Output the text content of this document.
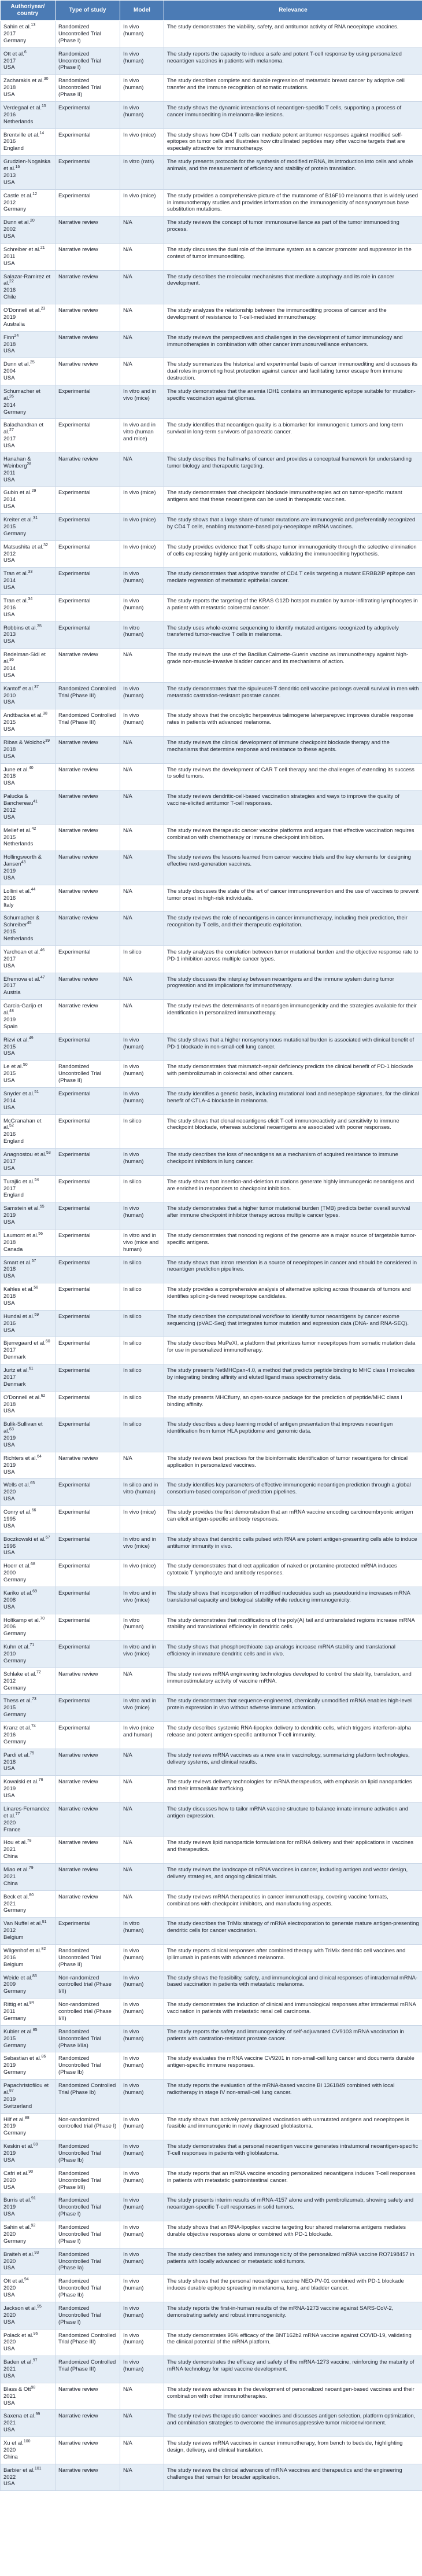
Author/year/ country	Type of study	Model	Relevance
Sahin et al.$^{13}$
2017
Germany	Randomized Uncontrolled Trial (Phase I)	In vivo (human)	The study demonstrates the viability, safety, and antitumor activity of RNA neoepitope vaccines.
Ott et al.$^6$
2017
USA	Randomized Uncontrolled Trial (Phase I)	In vivo (human)	The study reports the capacity to induce a safe and potent T-cell response by using personalized neoantigen vaccines in patients with melanoma.
Zacharakis et al.$^{30}$
2018
USA	Randomized Uncontrolled Trial (Phase II)	In vivo (human)	The study describes complete and durable regression of metastatic breast cancer by adoptive cell transfer and the immune recognition of somatic mutations.
Verdegaal et al.$^{15}$
2016
Netherlands	Experimental	In vivo (human)	The study shows the dynamic interactions of neoantigen-specific T cells, supporting a process of cancer immunoediting in melanoma-like lesions.
Brentville et al.$^{14}$
2016
England	Experimental	In vivo (mice)	The study shows how CD4 T cells can mediate potent antitumor responses against modified self-epitopes on tumor cells and illustrates how citrullinated peptides may offer vaccine targets that are especially attractive for immunotherapy.
Grudzien-Nogalska et al.$^{16}$
2013
USA	Experimental	In vitro (rats)	The study presents protocols for the synthesis of modified mRNA, its introduction into cells and whole animals, and the measurement of efficiency and stability of protein translation.
Castle et al.$^{12}$
2012
Germany	Experimental	In vivo (mice)	The study provides a comprehensive picture of the mutanome of B16F10 melanoma that is widely used in immunotherapy studies and provides information on the immunogenicity of nonsynonymous base substitution mutations.
Dunn et al.$^{20}$
2002
USA	Narrative review	N/A	The study reviews the concept of tumor immunosurveillance as part of the tumor immunoediting process.
Schreiber et al.$^{21}$
2011
USA	Narrative review	N/A	The study discusses the dual role of the immune system as a cancer promoter and suppressor in the context of tumor immunoediting.
Salazar-Ramirez et al.$^{22}$
2016
Chile	Narrative review	N/A	The study describes the molecular mechanisms that mediate autophagy and its role in cancer development.
O'Donnell et al.$^{23}$
2019
Australia	Narrative review	N/A	The study analyzes the relationship between the immunoediting process of cancer and the development of resistance to T-cell-mediated immunotherapy.
Finn$^{24}$
2018
USA	Narrative review	N/A	The study reviews the perspectives and challenges in the development of tumor immunology and immunotherapies in combination with other cancer immunosurveillance enhancers.
Dunn et al.$^{25}$
2004
USA	Narrative review	N/A	The study summarizes the historical and experimental basis of cancer immunoediting and discusses its dual roles in promoting host protection against cancer and facilitating tumor escape from immune destruction.
Schumacher et al.$^{26}$
2014
Germany	Experimental	In vitro and in vivo (mice)	The study demonstrates that the anemia IDH1 contains an immunogenic epitope suitable for mutation-specific vaccination against gliomas.
Balachandran et al.$^{27}$
2017
USA	Experimental	In vivo and in vitro (human and mice)	The study identifies that neoantigen quality is a biomarker for immunogenic tumors and long-term survival in long-term survivors of pancreatic cancer.
Hanahan & Weinberg$^{28}$
2011
USA	Narrative review	N/A	The study describes the hallmarks of cancer and provides a conceptual framework for understanding tumor biology and therapeutic targeting.
Gubin et al.$^{29}$
2014
USA	Experimental	In vivo (mice)	The study demonstrates that checkpoint blockade immunotherapies act on tumor-specific mutant antigens and that these neoantigens can be used in therapeutic vaccines.
Kreiter et al.$^{31}$
2015
Germany	Experimental	In vivo (mice)	The study shows that a large share of tumor mutations are immunogenic and preferentially recognized by CD4 T cells, enabling mutanome-based poly-neoepitope mRNA vaccines.
Matsushita et al.$^{32}$
2012
USA	Experimental	In vivo (mice)	The study provides evidence that T cells shape tumor immunogenicity through the selective elimination of cells expressing highly antigenic mutations, validating the immunoediting hypothesis.
Tran et al.$^{33}$
2014
USA	Experimental	In vivo (human)	The study demonstrates that adoptive transfer of CD4 T cells targeting a mutant ERBB2IP epitope can mediate regression of metastatic epithelial cancer.
Tran et al.$^{34}$
2016
USA	Experimental	In vivo (human)	The study reports the targeting of the KRAS G12D hotspot mutation by tumor-infiltrating lymphocytes in a patient with metastatic colorectal cancer.
Robbins et al.$^{35}$
2013
USA	Experimental	In vitro (human)	The study uses whole-exome sequencing to identify mutated antigens recognized by adoptively transferred tumor-reactive T cells in melanoma.
Redelman-Sidi et al.$^{36}$
2014
USA	Narrative review	N/A	The study reviews the use of the Bacillus Calmette-Guerin vaccine as immunotherapy against high-grade non-muscle-invasive bladder cancer and its mechanisms of action.
Kantoff et al.$^{37}$
2010
USA	Randomized Controlled Trial (Phase III)	In vivo (human)	The study demonstrates that the sipuleucel-T dendritic cell vaccine prolongs overall survival in men with metastatic castration-resistant prostate cancer.
Andtbacka et al.$^{38}$
2015
USA	Randomized Controlled Trial (Phase III)	In vivo (human)	The study shows that the oncolytic herpesvirus talimogene laherparepvec improves durable response rates in patients with advanced melanoma.
Ribas & Wolchok$^{39}$
2018
USA	Narrative review	N/A	The study reviews the clinical development of immune checkpoint blockade therapy and the mechanisms that determine response and resistance to these agents.
June et al.$^{40}$
2018
USA	Narrative review	N/A	The study reviews the development of CAR T cell therapy and the challenges of extending its success to solid tumors.
Palucka & Banchereau$^{41}$
2012
USA	Narrative review	N/A	The study reviews dendritic-cell-based vaccination strategies and ways to improve the quality of vaccine-elicited antitumor T-cell responses.
Melief et al.$^{42}$
2015
Netherlands	Narrative review	N/A	The study reviews therapeutic cancer vaccine platforms and argues that effective vaccination requires combination with chemotherapy or immune checkpoint inhibition.
Hollingsworth & Jansen$^{43}$
2019
USA	Narrative review	N/A	The study reviews the lessons learned from cancer vaccine trials and the key elements for designing effective next-generation vaccines.
Lollini et al.$^{44}$
2016
Italy	Narrative review	N/A	The study discusses the state of the art of cancer immunoprevention and the use of vaccines to prevent tumor onset in high-risk individuals.
Schumacher & Schreiber$^{45}$
2015
Netherlands	Narrative review	N/A	The study reviews the role of neoantigens in cancer immunotherapy, including their prediction, their recognition by T cells, and their therapeutic exploitation.
Yarchoan et al.$^{46}$
2017
USA	Experimental	In silico	The study analyzes the correlation between tumor mutational burden and the objective response rate to PD-1 inhibition across multiple cancer types.
Efremova et al.$^{47}$
2017
Austria	Narrative review	N/A	The study discusses the interplay between neoantigens and the immune system during tumor progression and its implications for immunotherapy.
Garcia-Garijo et al.$^{48}$
2019
Spain	Narrative review	N/A	The study reviews the determinants of neoantigen immunogenicity and the strategies available for their identification in personalized immunotherapy.
Rizvi et al.$^{49}$
2015
USA	Experimental	In vivo (human)	The study shows that a higher nonsynonymous mutational burden is associated with clinical benefit of PD-1 blockade in non-small-cell lung cancer.
Le et al.$^{50}$
2015
USA	Randomized Uncontrolled Trial (Phase II)	In vivo (human)	The study demonstrates that mismatch-repair deficiency predicts the clinical benefit of PD-1 blockade with pembrolizumab in colorectal and other cancers.
Snyder et al.$^{51}$
2014
USA	Experimental	In vivo (human)	The study identifies a genetic basis, including mutational load and neoepitope signatures, for the clinical benefit of CTLA-4 blockade in melanoma.
McGranahan et al.$^{52}$
2016
England	Experimental	In silico	The study shows that clonal neoantigens elicit T-cell immunoreactivity and sensitivity to immune checkpoint blockade, whereas subclonal neoantigens are associated with poorer responses.
Anagnostou et al.$^{53}$
2017
USA	Experimental	In vivo (human)	The study describes the loss of neoantigens as a mechanism of acquired resistance to immune checkpoint inhibitors in lung cancer.
Turajlic et al.$^{54}$
2017
England	Experimental	In silico	The study shows that insertion-and-deletion mutations generate highly immunogenic neoantigens and are enriched in responders to checkpoint inhibition.
Samstein et al.$^{55}$
2019
USA	Experimental	In vivo (human)	The study demonstrates that a higher tumor mutational burden (TMB) predicts better overall survival after immune checkpoint inhibitor therapy across multiple cancer types.
Laumont et al.$^{56}$
2018
Canada	Experimental	In vitro and in vivo (mice and human)	The study demonstrates that noncoding regions of the genome are a major source of targetable tumor-specific antigens.
Smart et al.$^{57}$
2018
USA	Experimental	In silico	The study shows that intron retention is a source of neoepitopes in cancer and should be considered in neoantigen prediction pipelines.
Kahles et al.$^{58}$
2018
USA	Experimental	In silico	The study provides a comprehensive analysis of alternative splicing across thousands of tumors and identifies splicing-derived neoepitope candidates.
Hundal et al.$^{59}$
2016
USA	Experimental	In silico	The study describes the computational workflow to identify tumor neoantigens by cancer exome sequencing (pVAC-Seq) that integrates tumor mutation and expression data (DNA- and RNA-SEQ).
Bjerregaard et al.$^{60}$
2017
Denmark	Experimental	In silico	The study describes MuPeXI, a platform that prioritizes tumor neoepitopes from somatic mutation data for use in personalized immunotherapy.
Jurtz et al.$^{61}$
2017
Denmark	Experimental	In silico	The study presents NetMHCpan-4.0, a method that predicts peptide binding to MHC class I molecules by integrating binding affinity and eluted ligand mass spectrometry data.
O'Donnell et al.$^{62}$
2018
USA	Experimental	In silico	The study presents MHCflurry, an open-source package for the prediction of peptide/MHC class I binding affinity.
Bulik-Sullivan et al.$^{63}$
2019
USA	Experimental	In silico	The study describes a deep learning model of antigen presentation that improves neoantigen identification from tumor HLA peptidome and genomic data.
Richters et al.$^{64}$
2019
USA	Narrative review	N/A	The study reviews best practices for the bioinformatic identification of tumor neoantigens for clinical application in personalized vaccines.
Wells et al.$^{65}$
2020
USA	Experimental	In silico and in vitro (human)	The study identifies key parameters of effective immunogenic neoantigen prediction through a global consortium-based comparison of prediction pipelines.
Conry et al.$^{66}$
1995
USA	Experimental	In vivo (mice)	The study provides the first demonstration that an mRNA vaccine encoding carcinoembryonic antigen can elicit antigen-specific antibody responses.
Boczkowski et al.$^{67}$
1996
USA	Experimental	In vitro and in vivo (mice)	The study shows that dendritic cells pulsed with RNA are potent antigen-presenting cells able to induce antitumor immunity in vivo.
Hoerr et al.$^{68}$
2000
Germany	Experimental	In vivo (mice)	The study demonstrates that direct application of naked or protamine-protected mRNA induces cytotoxic T lymphocyte and antibody responses.
Kariko et al.$^{69}$
2008
USA	Experimental	In vitro and in vivo (mice)	The study shows that incorporation of modified nucleosides such as pseudouridine increases mRNA translational capacity and biological stability while reducing immunogenicity.
Holtkamp et al.$^{70}$
2006
Germany	Experimental	In vitro (human)	The study demonstrates that modifications of the poly(A) tail and untranslated regions increase mRNA stability and translational efficiency in dendritic cells.
Kuhn et al.$^{71}$
2010
Germany	Experimental	In vitro and in vivo (mice)	The study shows that phosphorothioate cap analogs increase mRNA stability and translational efficiency in immature dendritic cells and in vivo.
Schlake et al.$^{72}$
2012
Germany	Narrative review	N/A	The study reviews mRNA engineering technologies developed to control the stability, translation, and immunostimulatory activity of vaccine mRNA.
Thess et al.$^{73}$
2015
Germany	Experimental	In vitro and in vivo (mice)	The study demonstrates that sequence-engineered, chemically unmodified mRNA enables high-level protein expression in vivo without adverse immune activation.
Kranz et al.$^{74}$
2016
Germany	Experimental	In vivo (mice and human)	The study describes systemic RNA-lipoplex delivery to dendritic cells, which triggers interferon-alpha release and potent antigen-specific antitumor T-cell immunity.
Pardi et al.$^{75}$
2018
USA	Narrative review	N/A	The study reviews mRNA vaccines as a new era in vaccinology, summarizing platform technologies, delivery systems, and clinical results.
Kowalski et al.$^{76}$
2019
USA	Narrative review	N/A	The study reviews delivery technologies for mRNA therapeutics, with emphasis on lipid nanoparticles and their intracellular trafficking.
Linares-Fernandez et al.$^{77}$
2020
France	Narrative review	N/A	The study discusses how to tailor mRNA vaccine structure to balance innate immune activation and antigen expression.
Hou et al.$^{78}$
2021
China	Narrative review	N/A	The study reviews lipid nanoparticle formulations for mRNA delivery and their applications in vaccines and therapeutics.
Miao et al.$^{79}$
2021
China	Narrative review	N/A	The study reviews the landscape of mRNA vaccines in cancer, including antigen and vector design, delivery strategies, and ongoing clinical trials.
Beck et al.$^{80}$
2021
Germany	Narrative review	N/A	The study reviews mRNA therapeutics in cancer immunotherapy, covering vaccine formats, combinations with checkpoint inhibitors, and manufacturing aspects.
Van Nuffel et al.$^{81}$
2012
Belgium	Experimental	In vitro (human)	The study describes the TriMix strategy of mRNA electroporation to generate mature antigen-presenting dendritic cells for cancer vaccination.
Wilgenhof et al.$^{82}$
2016
Belgium	Randomized Uncontrolled Trial (Phase II)	In vivo (human)	The study reports clinical responses after combined therapy with TriMix dendritic cell vaccines and ipilimumab in patients with advanced melanoma.
Weide et al.$^{83}$
2009
Germany	Non-randomized controlled trial (Phase I/II)	In vivo (human)	The study shows the feasibility, safety, and immunological and clinical responses of intradermal mRNA-based vaccination in patients with metastatic melanoma.
Rittig et al.$^{84}$
2011
Germany	Non-randomized controlled trial (Phase I/II)	In vivo (human)	The study demonstrates the induction of clinical and immunological responses after intradermal mRNA vaccination in patients with metastatic renal cell carcinoma.
Kubler et al.$^{85}$
2015
Germany	Randomized Uncontrolled Trial (Phase I/IIa)	In vivo (human)	The study reports the safety and immunogenicity of self-adjuvanted CV9103 mRNA vaccination in patients with castration-resistant prostate cancer.
Sebastian et al.$^{86}$
2019
Germany	Randomized Uncontrolled Trial (Phase Ib)	In vivo (human)	The study evaluates the mRNA vaccine CV9201 in non-small-cell lung cancer and documents durable antigen-specific immune responses.
Papachristofilou et al.$^{87}$
2019
Switzerland	Randomized Controlled Trial (Phase Ib)	In vivo (human)	The study reports the evaluation of the mRNA-based vaccine BI 1361849 combined with local radiotherapy in stage IV non-small-cell lung cancer.
Hilf et al.$^{88}$
2019
Germany	Non-randomized controlled trial (Phase I)	In vivo (human)	The study shows that actively personalized vaccination with unmutated antigens and neoepitopes is feasible and immunogenic in newly diagnosed glioblastoma.
Keskin et al.$^{89}$
2019
USA	Randomized Uncontrolled Trial (Phase Ib)	In vivo (human)	The study demonstrates that a personal neoantigen vaccine generates intratumoral neoantigen-specific T-cell responses in patients with glioblastoma.
Cafri et al.$^{90}$
2020
USA	Randomized Uncontrolled Trial (Phase I/II)	In vivo (human)	The study reports that an mRNA vaccine encoding personalized neoantigens induces T-cell responses in patients with metastatic gastrointestinal cancer.
Burris et al.$^{91}$
2019
USA	Randomized Uncontrolled Trial (Phase I)	In vivo (human)	The study presents interim results of mRNA-4157 alone and with pembrolizumab, showing safety and neoantigen-specific T-cell responses in solid tumors.
Sahin et al.$^{92}$
2020
Germany	Randomized Uncontrolled Trial (Phase I)	In vivo (human)	The study shows that an RNA-lipoplex vaccine targeting four shared melanoma antigens mediates durable objective responses alone or combined with PD-1 blockade.
Braiteh et al.$^{93}$
2020
USA	Randomized Uncontrolled Trial (Phase Ia)	In vivo (human)	The study describes the safety and immunogenicity of the personalized mRNA vaccine RO7198457 in patients with locally advanced or metastatic solid tumors.
Ott et al.$^{94}$
2020
USA	Randomized Uncontrolled Trial (Phase Ib)	In vivo (human)	The study shows that the personal neoantigen vaccine NEO-PV-01 combined with PD-1 blockade induces durable epitope spreading in melanoma, lung, and bladder cancer.
Jackson et al.$^{95}$
2020
USA	Randomized Uncontrolled Trial (Phase I)	In vivo (human)	The study reports the first-in-human results of the mRNA-1273 vaccine against SARS-CoV-2, demonstrating safety and robust immunogenicity.
Polack et al.$^{96}$
2020
USA	Randomized Controlled Trial (Phase III)	In vivo (human)	The study demonstrates 95% efficacy of the BNT162b2 mRNA vaccine against COVID-19, validating the clinical potential of the mRNA platform.
Baden et al.$^{97}$
2021
USA	Randomized Controlled Trial (Phase III)	In vivo (human)	The study demonstrates the efficacy and safety of the mRNA-1273 vaccine, reinforcing the maturity of mRNA technology for rapid vaccine development.
Blass & Ott$^{98}$
2021
USA	Narrative review	N/A	The study reviews advances in the development of personalized neoantigen-based vaccines and their combination with other immunotherapies.
Saxena et al.$^{99}$
2021
USA	Narrative review	N/A	The study reviews therapeutic cancer vaccines and discusses antigen selection, platform optimization, and combination strategies to overcome the immunosuppressive tumor microenvironment.
Xu et al.$^{100}$
2020
China	Narrative review	N/A	The study reviews mRNA vaccines in cancer immunotherapy, from bench to bedside, highlighting design, delivery, and clinical translation.
Barbier et al.$^{101}$
2022
USA	Narrative review	N/A	The study reviews the clinical advances of mRNA vaccines and therapeutics and the engineering challenges that remain for broader application.
